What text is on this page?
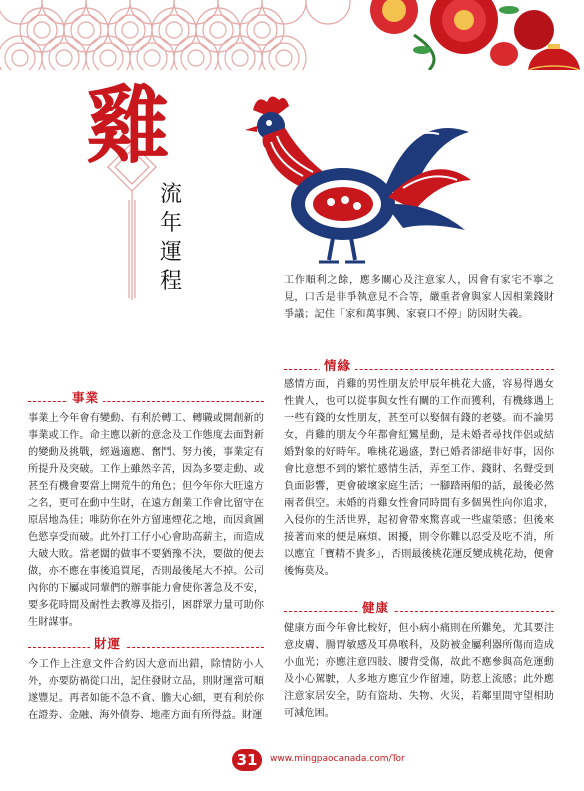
雞
流
年
運
程	工作順利之餘，應多關心及注意家人，因會有家宅不寧之見，口舌是非爭執意見不合等，嚴重者會與家人因相業錢財爭議；記住「家和萬事興、家衰口不停」防因財失義。
情緣
感情方面，肖雞的男性朋友於甲辰年桃花大盛，容易得遇女性貴人，也可以從事與女性有關的工作而獲利，有機緣遇上一些有錢的女性朋友，甚至可以娶個有錢的老婆。而不論男女，肖雞的朋友今年都會紅鸞星動，是未婚者尋找伴侶或結婚對象的好時年。唯桃花過盛，對已婚者卻絕非好事，因你會比意想不到的繁忙感情生活，弄至工作、錢財、名聲受到負面影響，更會破壞家庭生活；一腳踏兩船的話，最後必然兩者俱空。未婚的肖雞女性會同時間有多個異性向你追求，入侵你的生活世界，起初會帶來驚喜或一些虛榮感；但後來接著而來的便是麻煩、困擾，則令你難以忍受及吃不消，所以應宜「寶精不貴多」，否則最後桃花運反變成桃花劫，便會後悔莫及。
健康
健康方面今年會比較好，但小病小痛則在所難免，尤其要注意皮膚、腸胃敏感及耳鼻喉科，及防被金屬利器所傷而造成小血光；亦應注意四肢、腰背受傷，故此不應參與高危運動及小心駕駛，人多地方應宜少作留連，防惹上流感；此外應注意家居安全，防有盜劫、失物、火災，若鄰里間守望相助可減危困。
事業
事業上今年會有變動、有利於轉工、轉職或開創新的事業或工作。命主應以新的意念及工作態度去面對新的變動及挑戰，經過適應、奮鬥、努力後，事業定有所提升及突破。工作上雖然辛苦，因為多要走動、或甚至有機會要當上開荒牛的角色；但今年你大旺遠方之名，更可在動中生財，在遠方創業工作會比留守在原居地為佳；唯防你在外方留連煙花之地，而因貪圖色慾享受而破。此外打工仔小心會助高薪主，而造成大破大敗。當老闆的做事不要猶豫不決，要做的便去做，亦不應在事後追買尾，否則最後尾大不掉。公司內你的下屬或同輩們的辦事能力會使你著急及不安，要多花時間及耐性去教導及指引，困群眾力量可助你生財謀事。
財運
今工作上注意文件合約因大意而出錯，除情防小人外，亦要防禍從口出，記住發財立品，則財運當可順遂豐足。再者如能不急不貪、膽大心細，更有利於你在證券、金融、海外債券、地產方面有所得益。財運
31	www.mingpaocanada.com/Tor
